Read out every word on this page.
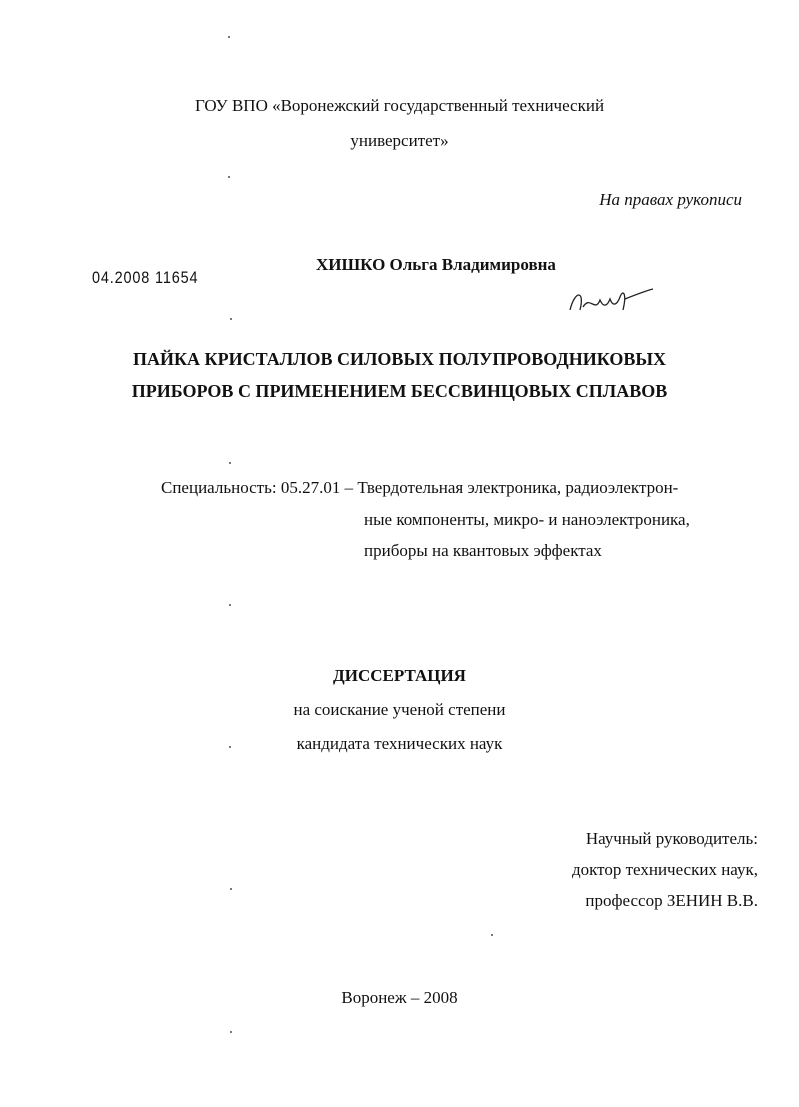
ГОУ ВПО «Воронежский государственный технический
университет»
На правах рукописи
04.2008 11654
ХИШКО Ольга Владимировна
ПАЙКА КРИСТАЛЛОВ СИЛОВЫХ ПОЛУПРОВОДНИКОВЫХ
ПРИБОРОВ С ПРИМЕНЕНИЕМ БЕССВИНЦОВЫХ СПЛАВОВ
Специальность: 05.27.01 – Твердотельная электроника, радиоэлектрон-
ные компоненты, микро- и наноэлектроника,
приборы на квантовых эффектах
ДИССЕРТАЦИЯ
на соискание ученой степени
кандидата технических наук
Научный руководитель:
доктор технических наук,
профессор ЗЕНИН В.В.
Воронеж – 2008
